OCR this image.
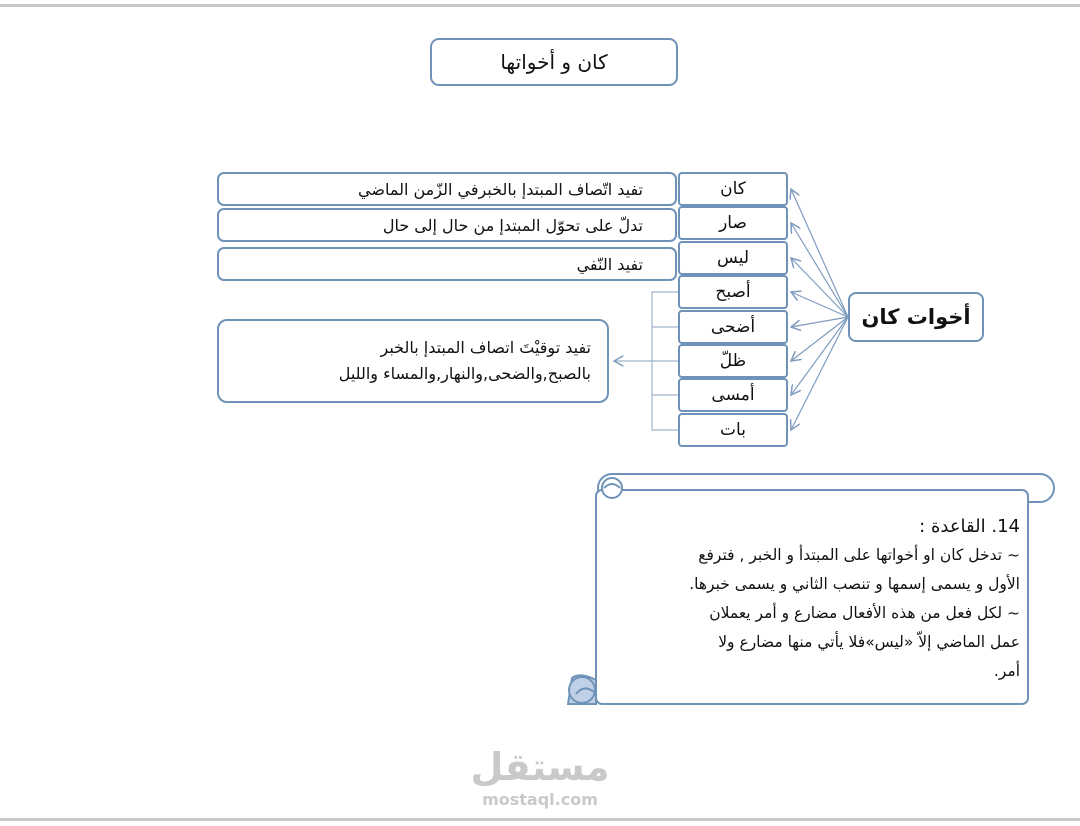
كان و أخواتها
أخوات كان
كان
صار
ليس
أصبح
أضحى
ظلّ
أمسى
بات
تفيد اتّصاف المبتدإ بالخبرفي الزّمن الماضي
تدلّ على تحوّل المبتدإ من حال إلى حال
تفيد النّفي
تفيد توقيْتَ اتصاف المبتدإ بالخبر
بالصبح,والضحى,والنهار,والمساء والليل
14. القاعدة :
~ تدخل كان او أخواتها على المبتدأ و الخبر , فترفع
الأول و يسمى إسمها و تنصب الثاني و يسمى خبرها.
~ لكل فعل من هذه الأفعال مضارع و أمر يعملان
عمل الماضي إلاّ «ليس»فلا يأتي منها مضارع ولا
أمر.
مستقل
mostaql.com
